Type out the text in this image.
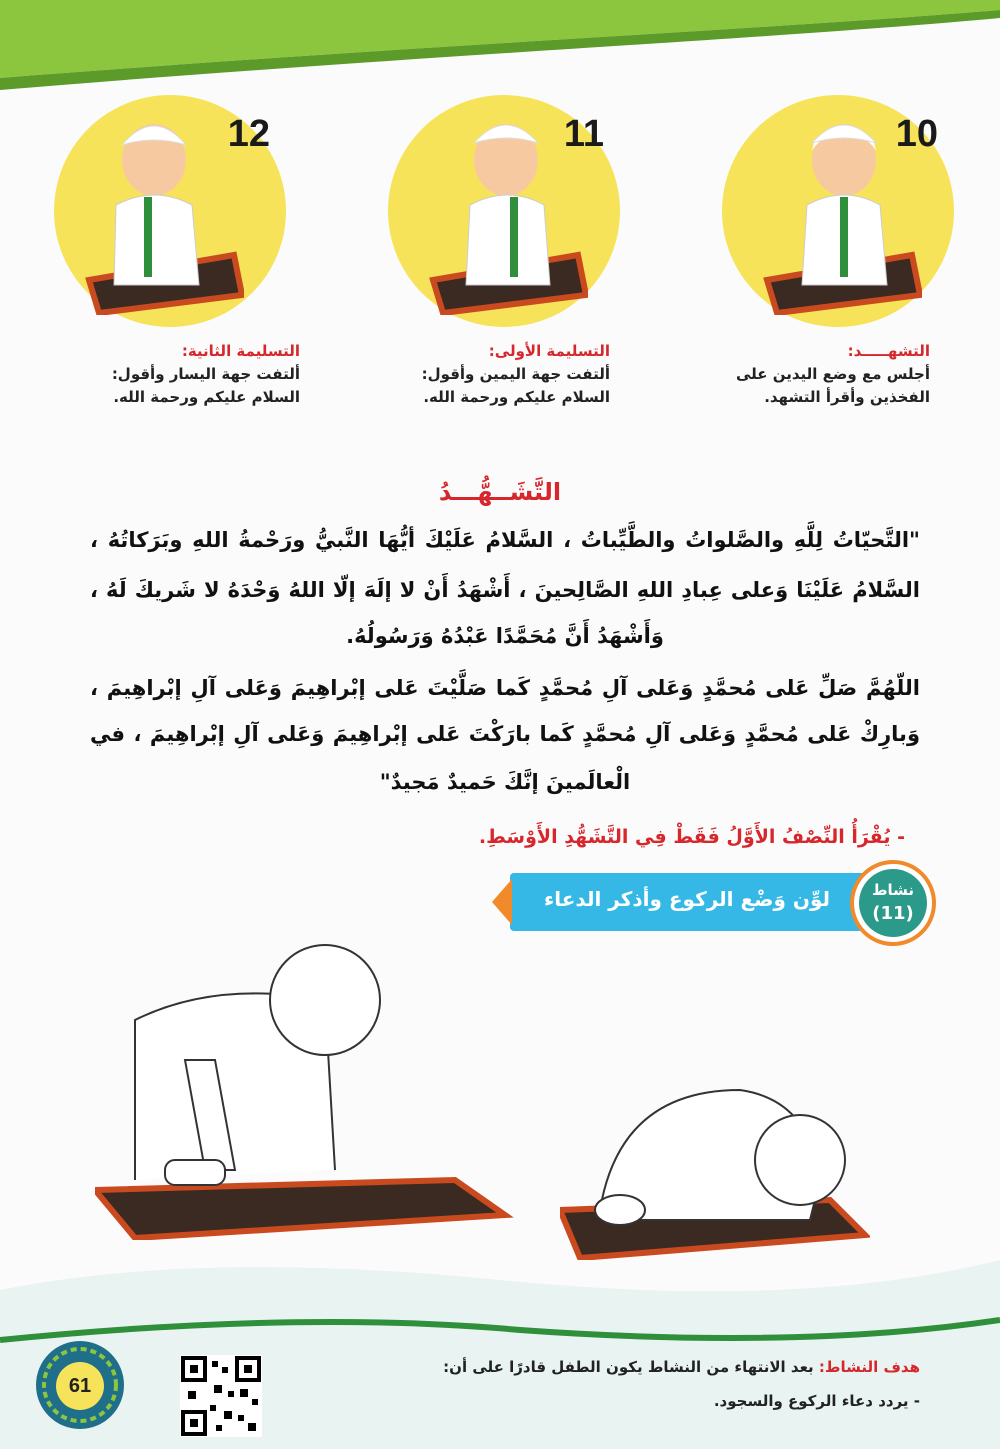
10
11
12
التشهـــــد:
أجلس مع وضع اليدين على
الفخذين وأقرأ التشهد.
التسليمة الأولى:
ألتفت جهة اليمين وأقول:
السلام عليكم ورحمة الله.
التسليمة الثانية:
ألتفت جهة اليسار وأقول:
السلام عليكم ورحمة الله.
التَّشَــهُّـــدُ
"التَّحيّاتُ لِلَّهِ والصَّلواتُ والطَّيِّباتُ ، السَّلامُ عَلَيْكَ أيُّهَا النَّبيُّ ورَحْمةُ اللهِ وبَرَكاتُهُ ،
السَّلامُ عَلَيْنَا وَعلى عِبادِ اللهِ الصَّالِحينَ ، أَشْهَدُ أَنْ لا إلَهَ إلّا اللهُ وَحْدَهُ لا شَريكَ لَهُ ،
وَأَشْهَدُ أَنَّ مُحَمَّدًا عَبْدُهُ وَرَسُولُهُ.
اللّهُمَّ صَلِّ عَلى مُحمَّدٍ وَعَلى آلِ مُحمَّدٍ كَما صَلَّيْتَ عَلى إبْراهِيمَ وَعَلى آلِ إبْراهِيمَ ،
وَبارِكْ عَلى مُحمَّدٍ وَعَلى آلِ مُحمَّدٍ كَما بارَكْتَ عَلى إبْراهِيمَ وَعَلى آلِ إبْراهِيمَ ، في
الْعالَمينَ إنَّكَ حَميدٌ مَجيدٌ"
- يُقْرَأُ النِّصْفُ الأَوَّلُ فَقَطْ فِي التَّشَهُّدِ الأَوْسَطِ.
لوِّن وَضْع الركوع وأذكر الدعاء	نشاط
(11)
هدف النشاط: بعد الانتهاء من النشاط يكون الطفل قادرًا على أن:
- يردد دعاء الركوع والسجود.
61
